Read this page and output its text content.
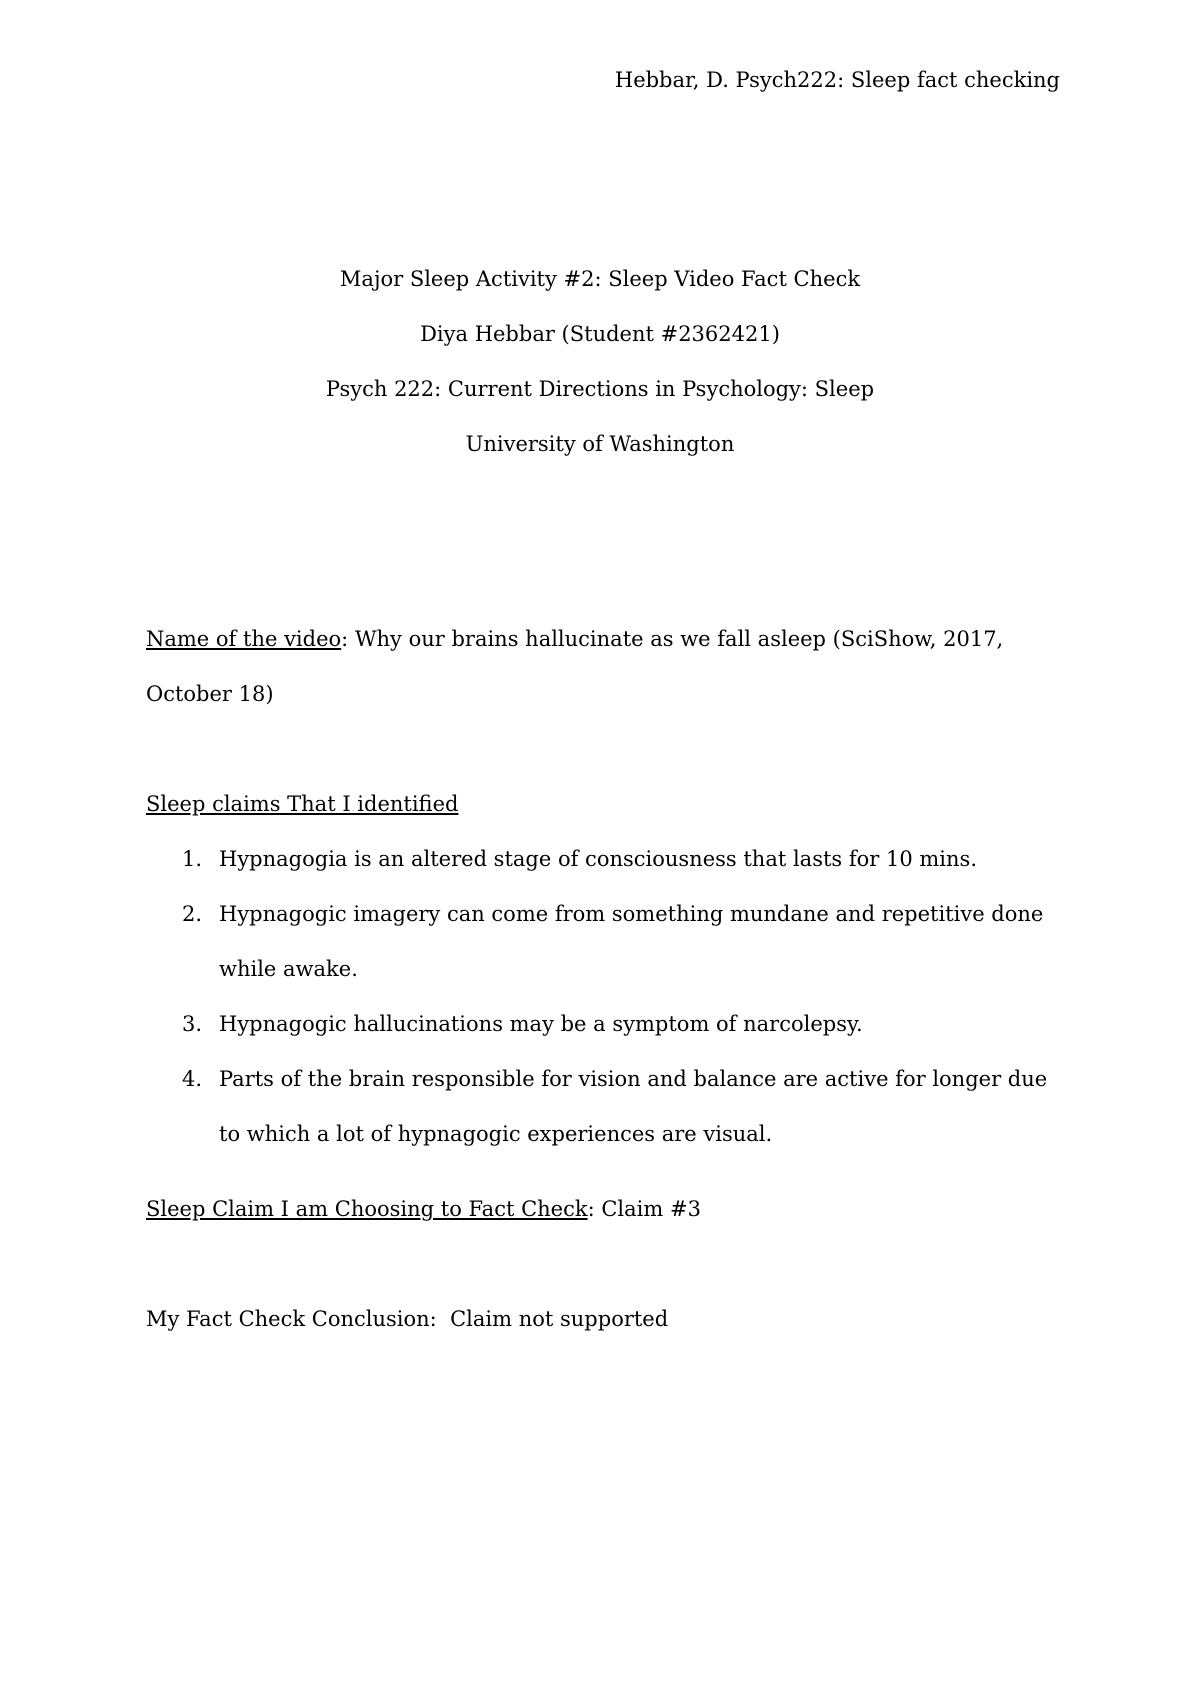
Hebbar, D. Psych222: Sleep fact checking
Major Sleep Activity #2: Sleep Video Fact Check
Diya Hebbar (Student #2362421)
Psych 222: Current Directions in Psychology: Sleep
University of Washington

Name of the video: Why our brains hallucinate as we fall asleep (SciShow, 2017, October 18)

Sleep claims That I identified

1. Hypnagogia is an altered stage of consciousness that lasts for 10 mins.
2. Hypnagogic imagery can come from something mundane and repetitive done while awake.
3. Hypnagogic hallucinations may be a symptom of narcolepsy.
4. Parts of the brain responsible for vision and balance are active for longer due to which a lot of hypnagogic experiences are visual.

Sleep Claim I am Choosing to Fact Check: Claim #3

My Fact Check Conclusion: Claim not supported
